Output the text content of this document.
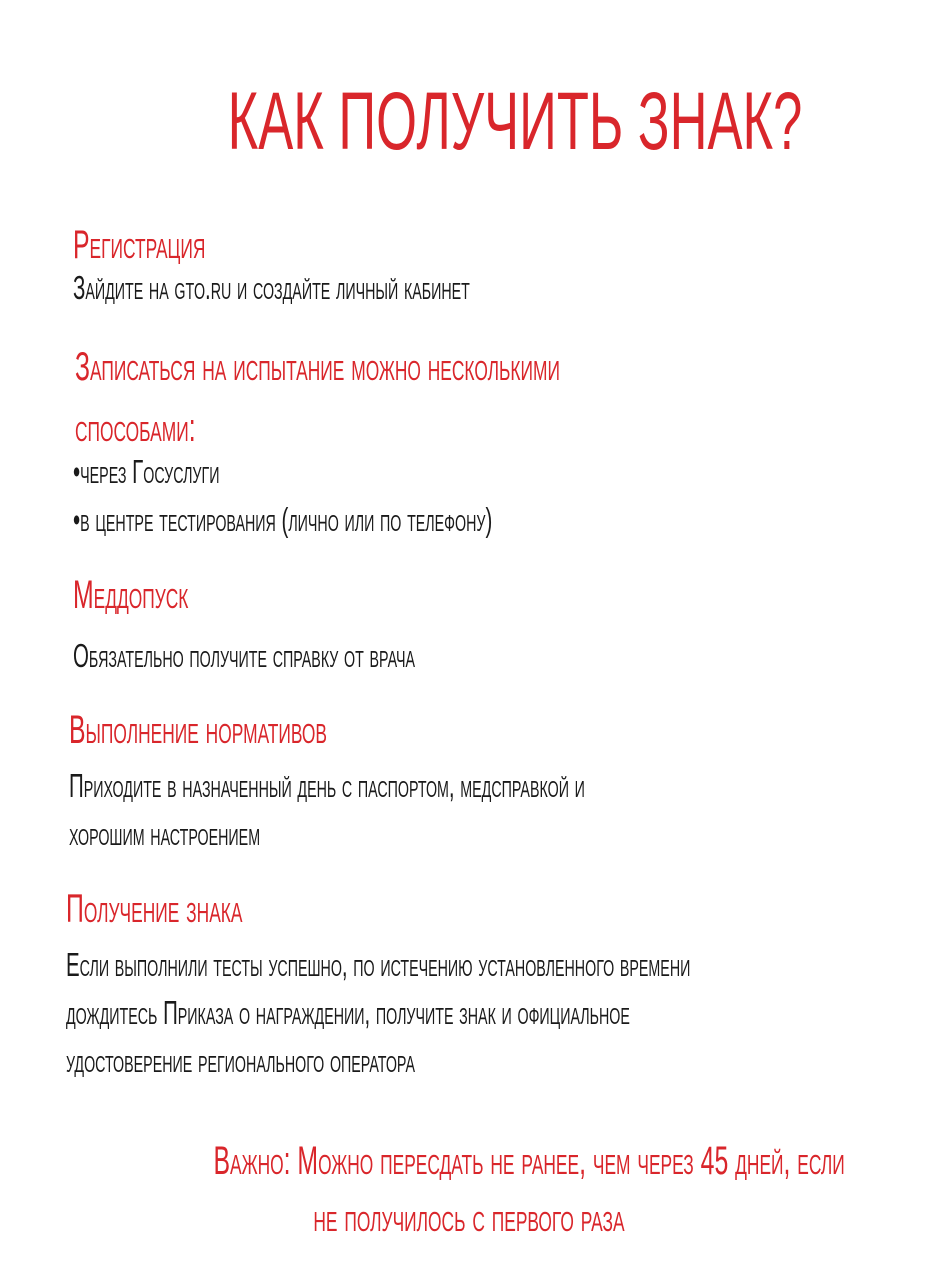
КАК ПОЛУЧИТЬ ЗНАК?
Регистрация
Зайдите на gto.ru и создайте личный кабинет
Записаться на испытание можно несколькими
способами:
•через Госуслуги
•в центре тестирования (лично или по телефону)
Меддопуск
Обязательно получите справку от врача
Выполнение нормативов
Приходите в назначенный день с паспортом, медсправкой и
хорошим настроением
Получение знака
Если выполнили тесты успешно, по истечению установленного времени
дождитесь Приказа о награждении, получите знак и официальное
удостоверение регионального оператора
Важно: Можно пересдать не ранее, чем через 45 дней, если
не получилось с первого раза
